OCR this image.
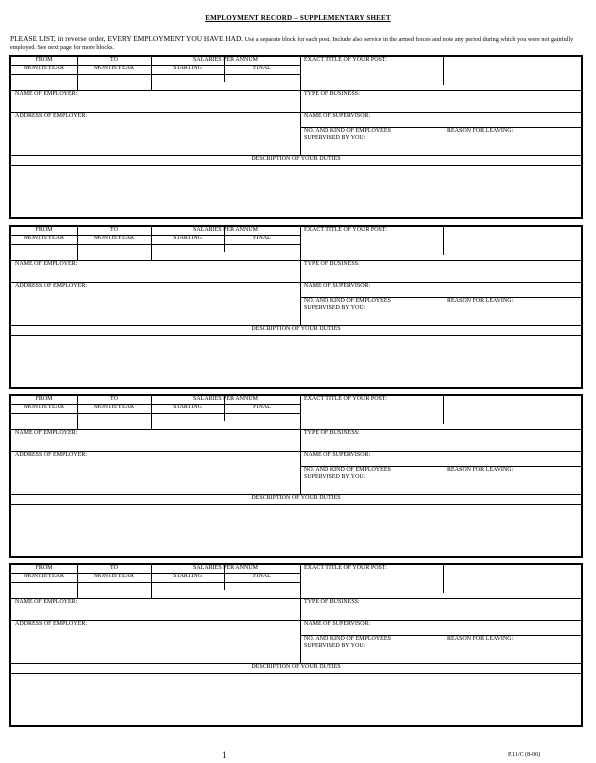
EMPLOYMENT RECORD – SUPPLEMENTARY SHEET
PLEASE LIST, in reverse order, EVERY EMPLOYMENT YOU HAVE HAD. Use a separate block for each post. Include also service in the armed forces and note any period during which you were not gainfully employed. See next page for more blocks.
FROM	TO	SALARIES PER ANNUM
MONTH/YEAR	MONTH/YEAR	STARTING	FINAL
EXACT TITLE OF YOUR POST:
NAME OF EMPLOYER:	TYPE OF BUSINESS:
ADDRESS OF EMPLOYER:	NAME OF SUPERVISOR:
NO. AND KIND OF EMPLOYEES
SUPERVISED BY YOU:
REASON FOR LEAVING:
DESCRIPTION OF YOUR DUTIES
FROM	TO	SALARIES PER ANNUM
MONTH/YEAR	MONTH/YEAR	STARTING	FINAL
EXACT TITLE OF YOUR POST:
NAME OF EMPLOYER:	TYPE OF BUSINESS:
ADDRESS OF EMPLOYER:	NAME OF SUPERVISOR:
NO. AND KIND OF EMPLOYEES
SUPERVISED BY YOU:
REASON FOR LEAVING:
DESCRIPTION OF YOUR DUTIES
FROM	TO	SALARIES PER ANNUM
MONTH/YEAR	MONTH/YEAR	STARTING	FINAL
EXACT TITLE OF YOUR POST:
NAME OF EMPLOYER:	TYPE OF BUSINESS:
ADDRESS OF EMPLOYER:	NAME OF SUPERVISOR:
NO. AND KIND OF EMPLOYEES
SUPERVISED BY YOU:
REASON FOR LEAVING:
DESCRIPTION OF YOUR DUTIES
FROM	TO	SALARIES PER ANNUM
MONTH/YEAR	MONTH/YEAR	STARTING	FINAL
EXACT TITLE OF YOUR POST:
NAME OF EMPLOYER:	TYPE OF BUSINESS:
ADDRESS OF EMPLOYER:	NAME OF SUPERVISOR:
NO. AND KIND OF EMPLOYEES
SUPERVISED BY YOU:
REASON FOR LEAVING:
DESCRIPTION OF YOUR DUTIES
1	P.11/C (8-00)
